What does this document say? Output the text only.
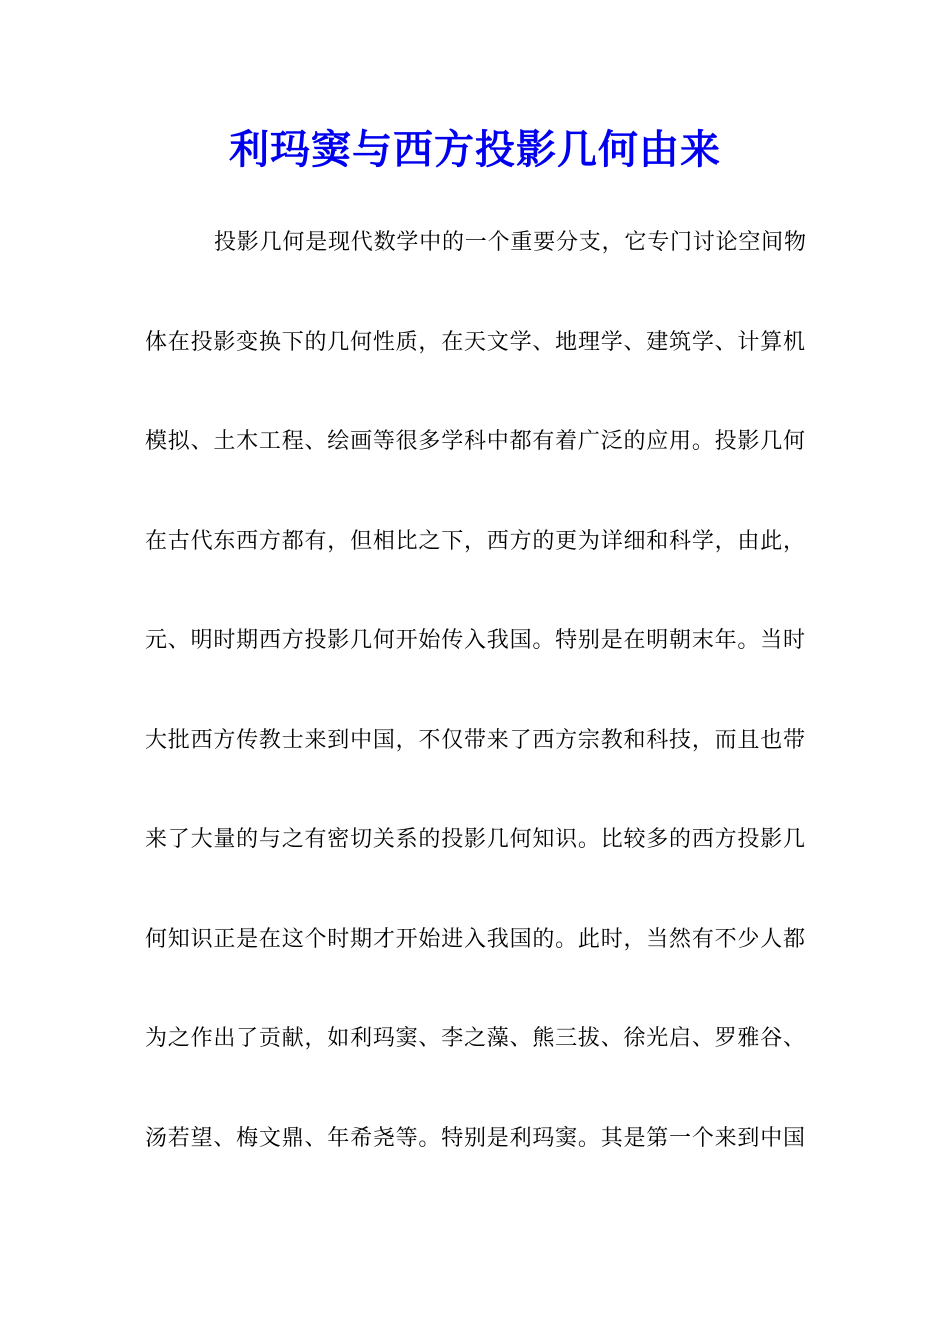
利玛窦与西方投影几何由来

投影几何是现代数学中的一个重要分支，它专门讨论空间物

体在投影变换下的几何性质，在天文学、地理学、建筑学、计算机

模拟、土木工程、绘画等很多学科中都有着广泛的应用。投影几何

在古代东西方都有，但相比之下，西方的更为详细和科学，由此，

元、明时期西方投影几何开始传入我国。特别是在明朝末年。当时

大批西方传教士来到中国，不仅带来了西方宗教和科技，而且也带

来了大量的与之有密切关系的投影几何知识。比较多的西方投影几

何知识正是在这个时期才开始进入我国的。此时，当然有不少人都

为之作出了贡献，如利玛窦、李之藻、熊三拔、徐光启、罗雅谷、

汤若望、梅文鼎、年希尧等。特别是利玛窦。其是第一个来到中国
